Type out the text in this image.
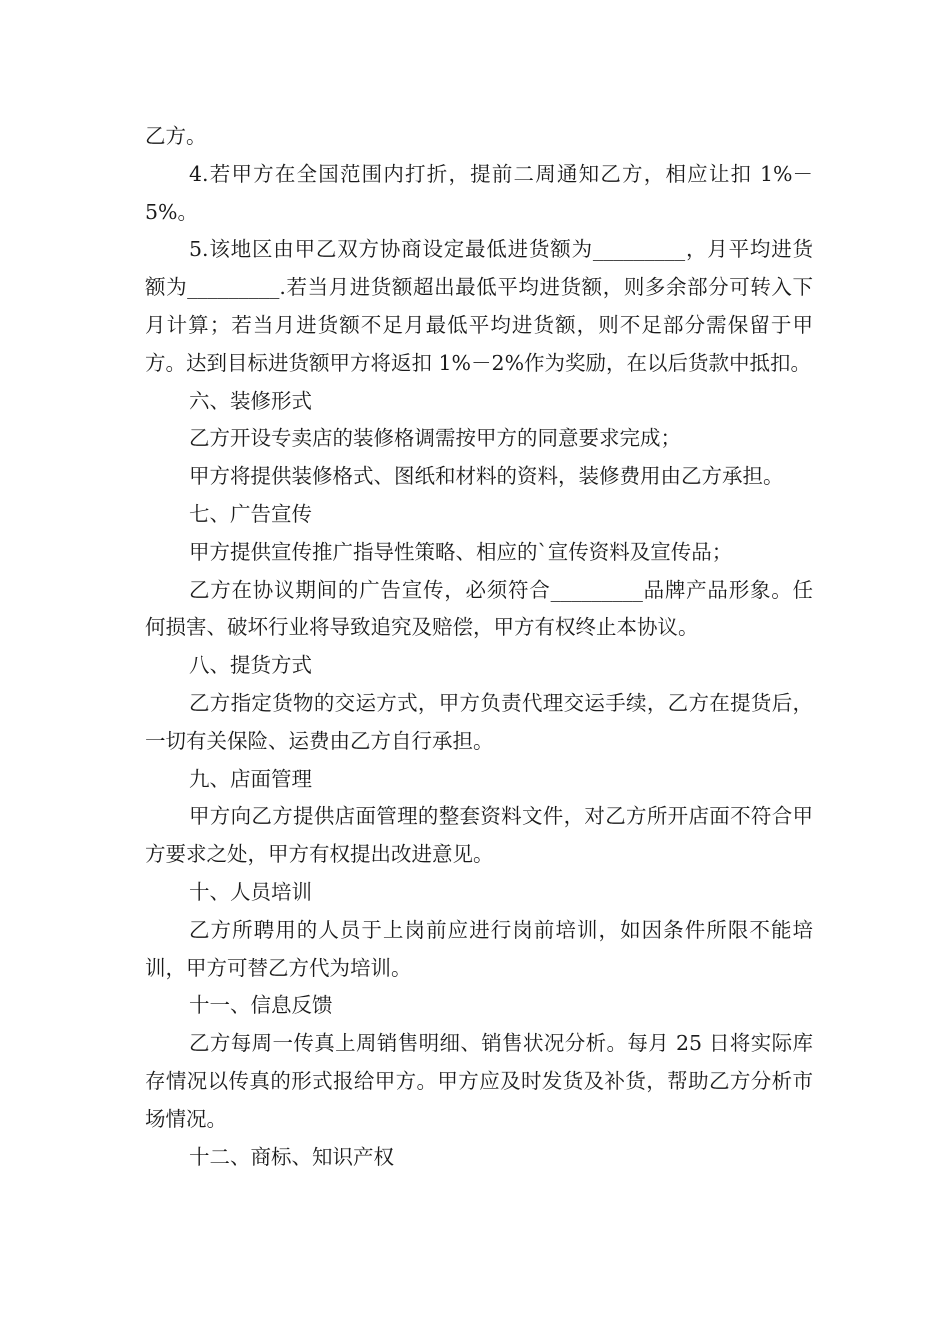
乙方。

4.若甲方在全国范围内打折，提前二周通知乙方，相应让扣 1%－5%。

5.该地区由甲乙双方协商设定最低进货额为_________，月平均进货额为_________.若当月进货额超出最低平均进货额，则多余部分可转入下月计算；若当月进货额不足月最低平均进货额，则不足部分需保留于甲方。达到目标进货额甲方将返扣 1%－2%作为奖励，在以后货款中抵扣。

六、装修形式

乙方开设专卖店的装修格调需按甲方的同意要求完成；

甲方将提供装修格式、图纸和材料的资料，装修费用由乙方承担。

七、广告宣传

甲方提供宣传推广指导性策略、相应的`宣传资料及宣传品；

乙方在协议期间的广告宣传，必须符合_________品牌产品形象。任何损害、破坏行业将导致追究及赔偿，甲方有权终止本协议。

八、提货方式

乙方指定货物的交运方式，甲方负责代理交运手续，乙方在提货后，一切有关保险、运费由乙方自行承担。

九、店面管理

甲方向乙方提供店面管理的整套资料文件，对乙方所开店面不符合甲方要求之处，甲方有权提出改进意见。

十、人员培训

乙方所聘用的人员于上岗前应进行岗前培训，如因条件所限不能培训，甲方可替乙方代为培训。

十一、信息反馈

乙方每周一传真上周销售明细、销售状况分析。每月 25 日将实际库存情况以传真的形式报给甲方。甲方应及时发货及补货，帮助乙方分析市场情况。

十二、商标、知识产权
